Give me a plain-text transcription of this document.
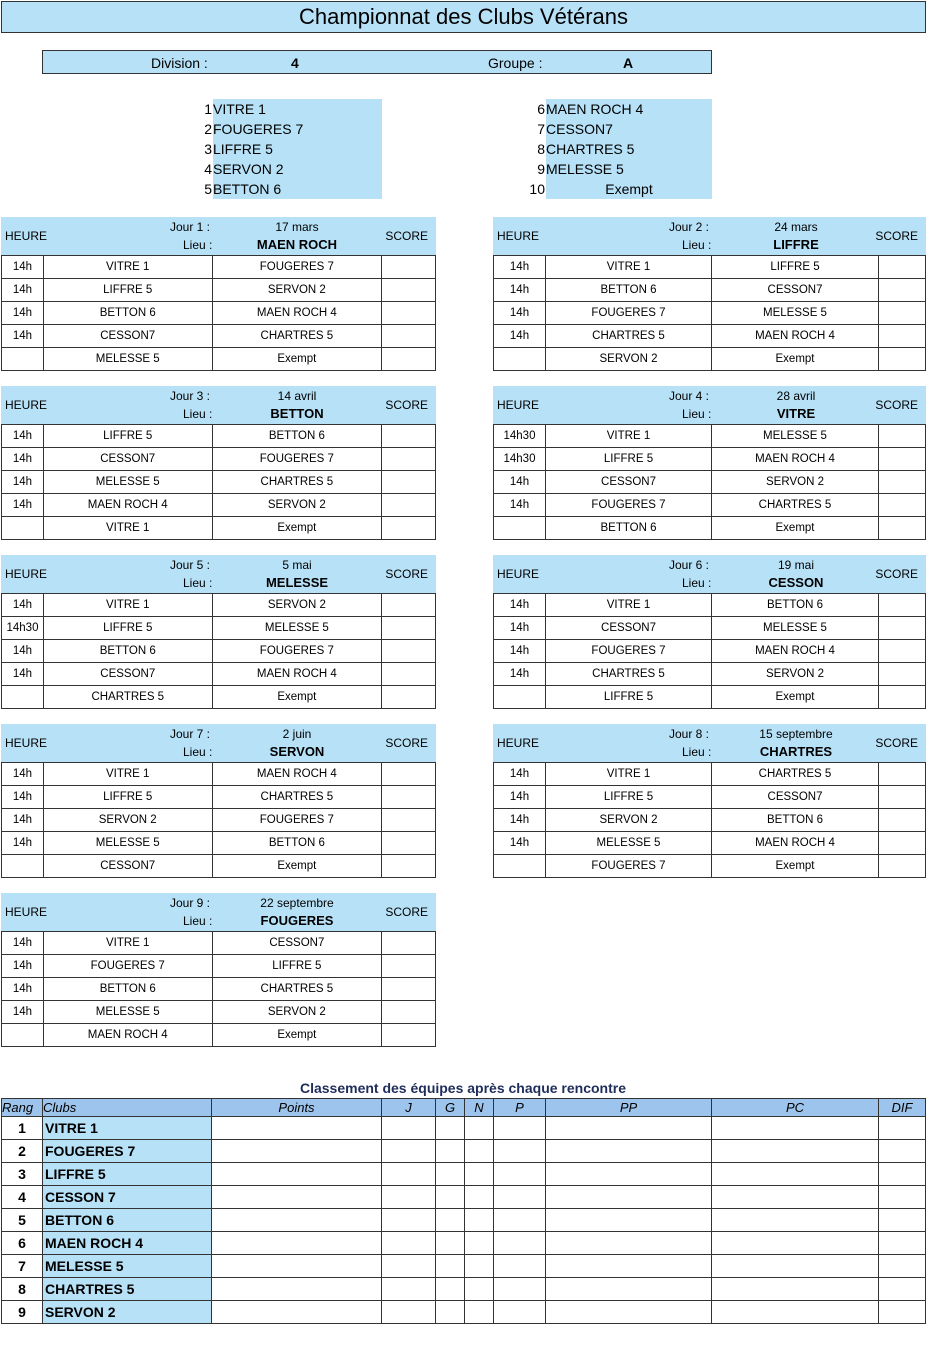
Championnat des Clubs Vétérans
Division :	4	Groupe :	A
1 VITRE 1
2 FOUGERES 7
3 LIFFRE 5
4 SERVON 2
5 BETTON 6
6 MAEN ROCH 4
7 CESSON7
8 CHARTRES 5
9 MELESSE 5
10	Exempt
HEURE
Jour 1 :
Lieu :
17 mars
MAEN ROCH
SCORE
14h	VITRE 1	FOUGERES 7	
14h	LIFFRE 5	SERVON 2	
14h	BETTON 6	MAEN ROCH 4	
14h	CESSON7	CHARTRES 5	
	MELESSE 5	Exempt	
HEURE
Jour 2 :
Lieu :
24 mars
LIFFRE
SCORE
14h	VITRE 1	LIFFRE 5	
14h	BETTON 6	CESSON7	
14h	FOUGERES 7	MELESSE 5	
14h	CHARTRES 5	MAEN ROCH 4	
	SERVON 2	Exempt	
HEURE
Jour 3 :
Lieu :
14 avril
BETTON
SCORE
14h	LIFFRE 5	BETTON 6	
14h	CESSON7	FOUGERES 7	
14h	MELESSE 5	CHARTRES 5	
14h	MAEN ROCH 4	SERVON 2	
	VITRE 1	Exempt	
HEURE
Jour 4 :
Lieu :
28 avril
VITRE
SCORE
14h30	VITRE 1	MELESSE 5	
14h30	LIFFRE 5	MAEN ROCH 4	
14h	CESSON7	SERVON 2	
14h	FOUGERES 7	CHARTRES 5	
	BETTON 6	Exempt	
HEURE
Jour 5 :
Lieu :
5 mai
MELESSE
SCORE
14h	VITRE 1	SERVON 2	
14h30	LIFFRE 5	MELESSE 5	
14h	BETTON 6	FOUGERES 7	
14h	CESSON7	MAEN ROCH 4	
	CHARTRES 5	Exempt	
HEURE
Jour 6 :
Lieu :
19 mai
CESSON
SCORE
14h	VITRE 1	BETTON 6	
14h	CESSON7	MELESSE 5	
14h	FOUGERES 7	MAEN ROCH 4	
14h	CHARTRES 5	SERVON 2	
	LIFFRE 5	Exempt	
HEURE
Jour 7 :
Lieu :
2 juin
SERVON
SCORE
14h	VITRE 1	MAEN ROCH 4	
14h	LIFFRE 5	CHARTRES 5	
14h	SERVON 2	FOUGERES 7	
14h	MELESSE 5	BETTON 6	
	CESSON7	Exempt	
HEURE
Jour 8 :
Lieu :
15 septembre
CHARTRES
SCORE
14h	VITRE 1	CHARTRES 5	
14h	LIFFRE 5	CESSON7	
14h	SERVON 2	BETTON 6	
14h	MELESSE 5	MAEN ROCH 4	
	FOUGERES 7	Exempt	
HEURE
Jour 9 :
Lieu :
22 septembre
FOUGERES
SCORE
14h	VITRE 1	CESSON7	
14h	FOUGERES 7	LIFFRE 5	
14h	BETTON 6	CHARTRES 5	
14h	MELESSE 5	SERVON 2	
	MAEN ROCH 4	Exempt	
Classement des équipes après chaque rencontre
Rang	Clubs	Points	J	G	N	P	PP	PC	DIF
1	VITRE 1								
2	FOUGERES 7								
3	LIFFRE 5								
4	CESSON 7								
5	BETTON 6								
6	MAEN ROCH 4								
7	MELESSE 5								
8	CHARTRES 5								
9	SERVON 2								
